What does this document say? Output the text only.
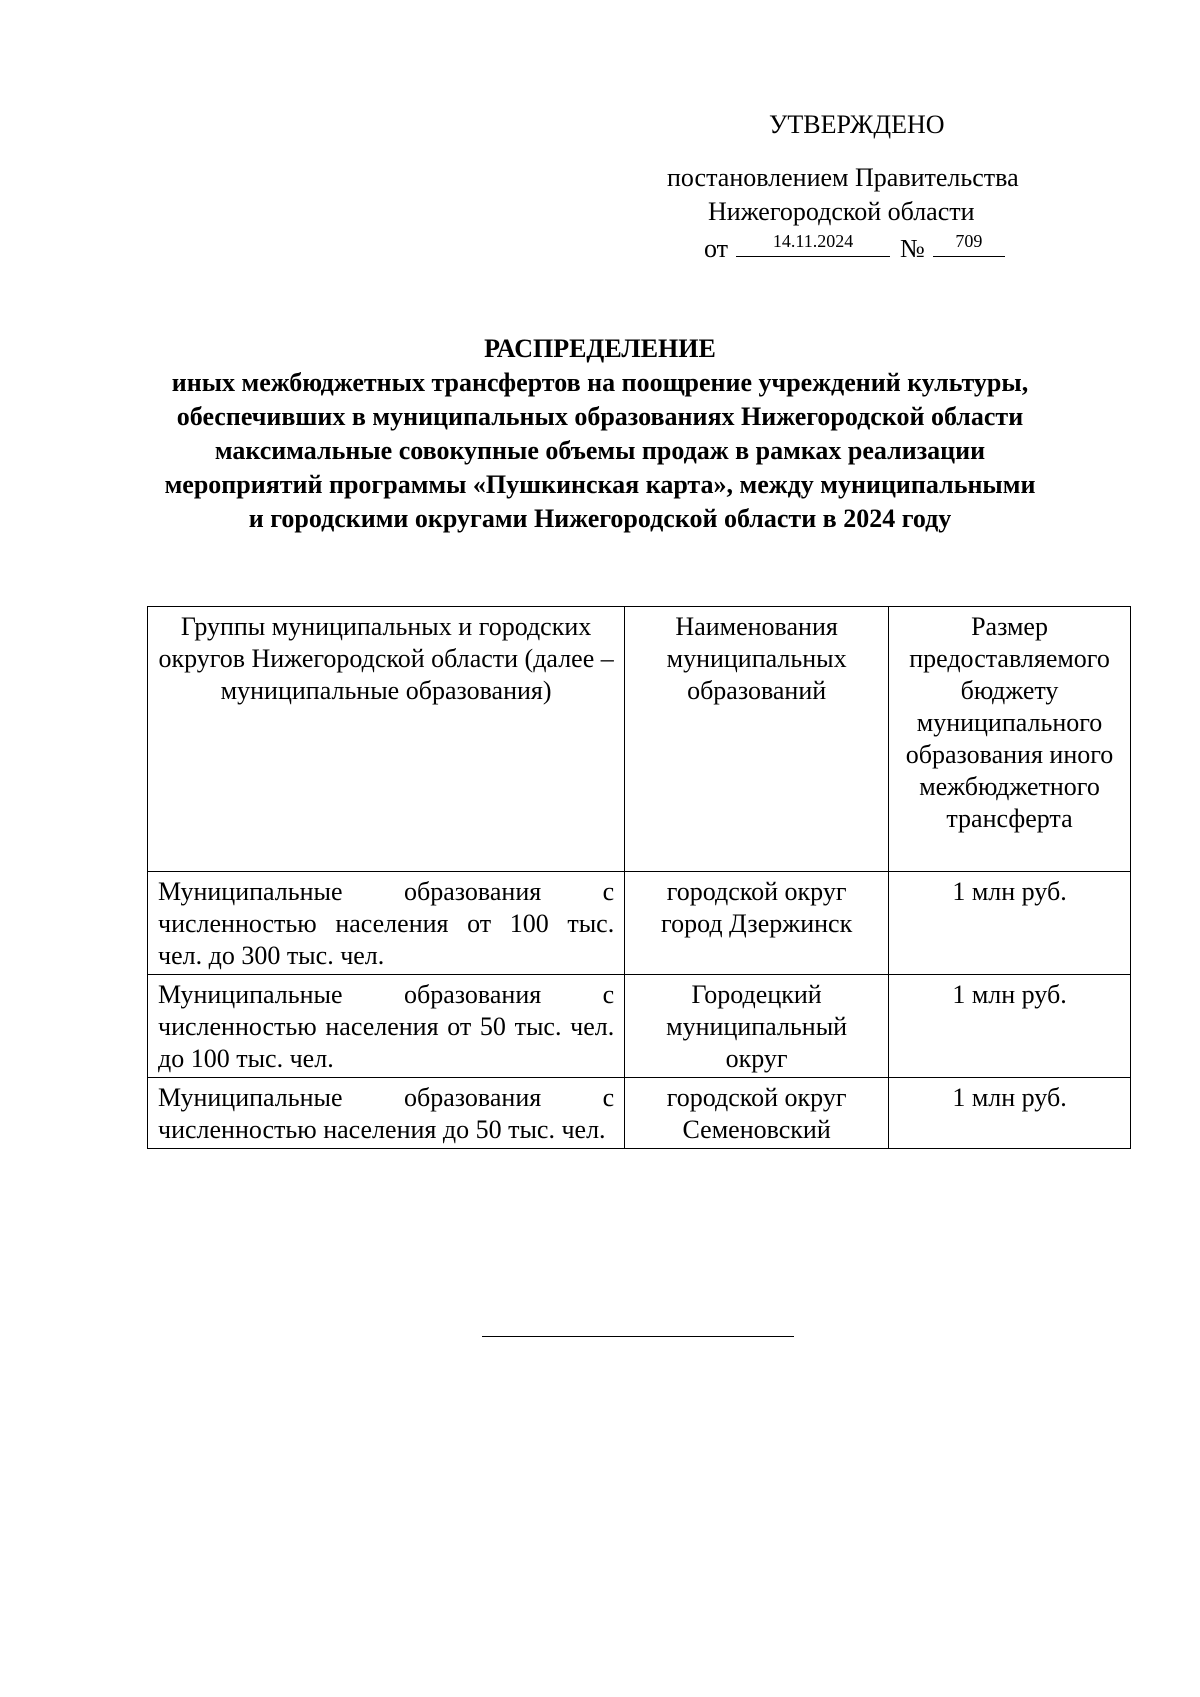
УТВЕРЖДЕНО
постановлением Правительства
Нижегородской области
от	14.11.2024	№	709
РАСПРЕДЕЛЕНИЕ
иных межбюджетных трансфертов на поощрение учреждений культуры,
обеспечивших в муниципальных образованиях Нижегородской области
максимальные совокупные объемы продаж в рамках реализации
мероприятий программы «Пушкинская карта», между муниципальными
и городскими округами Нижегородской области в 2024 году
Группы муниципальных и городских округов Нижегородской области (далее – муниципальные образования)	Наименования муниципальных образований	Размер предоставляемого бюджету муниципального образования иного межбюджетного трансферта
Муниципальные образования с численностью населения от 100 тыс. чел. до 300 тыс. чел.	городской округ город Дзержинск	1 млн руб.
Муниципальные образования с численностью населения от 50 тыс. чел. до 100 тыс. чел.	Городецкий муниципальный округ	1 млн руб.
Муниципальные образования с численностью населения до 50 тыс. чел.	городской округ Семеновский	1 млн руб.
